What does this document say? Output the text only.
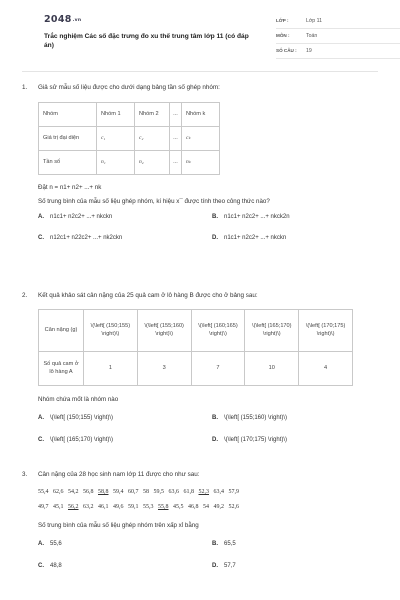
2048.vn
Trắc nghiệm Các số đặc trưng đo xu thế trung tâm lớp 11 (có đáp án)
LỚP :	Lớp 11
MÔN :	Toán
SỐ CÂU : 19
1. Giả sử mẫu số liệu được cho dưới dạng bảng tần số ghép nhóm:
Nhóm	Nhóm 1	Nhóm 2	...	Nhóm k
Giá trị đại diện	c₁	c₂	...	cₖ
Tần số	n₁	n₂	...	nₖ
Đặt n = n1+ n2+ ...+ nk
Số trung bình của mẫu số liệu ghép nhóm, kí hiệu x¯ được tính theo công thức nào?
A. n1c1+ n2c2+ ...+ nkckn	B. n1c1+ n2c2+ ...+ nkck2n
C. n12c1+ n22c2+ ...+ nk2ckn	D. n1c1+ n2c2+ ...+ nkckn
2. Kết quả khảo sát cân nặng của 25 quả cam ở lô hàng B được cho ở bảng sau:
Cân nặng (g)	\(\left[ (150;155) \right)\)	\(\left[ (155;160) \right)\)	\(\left[ (160;165) \right)\)	\(\left[ (165;170) \right)\)	\(\left[ (170;175) \right)\)
Số quả cam ở lô hàng A	1	3	7	10	4
Nhóm chứa mốt là nhóm nào
A. \(\left[ (150;155) \right)\)	B. \(\left[ (155;160) \right)\)
C. \(\left[ (165;170) \right)\)	D. \(\left[ (170;175) \right)\)
3. Cân nặng của 28 học sinh nam lớp 11 được cho như sau:
55,4 62,6 54,2 56,8 58,8 59,4 60,7 58 59,5 63,6 61,8 52,3 63,4 57,9
49,7 45,1 56,2 63,2 46,1 49,6 59,1 55,3 55,8 45,5 46,8 54 49,2 52,6
Số trung bình của mẫu số liệu ghép nhóm trên xấp xỉ bằng
A. 55,6	B. 65,5
C. 48,8	D. 57,7
